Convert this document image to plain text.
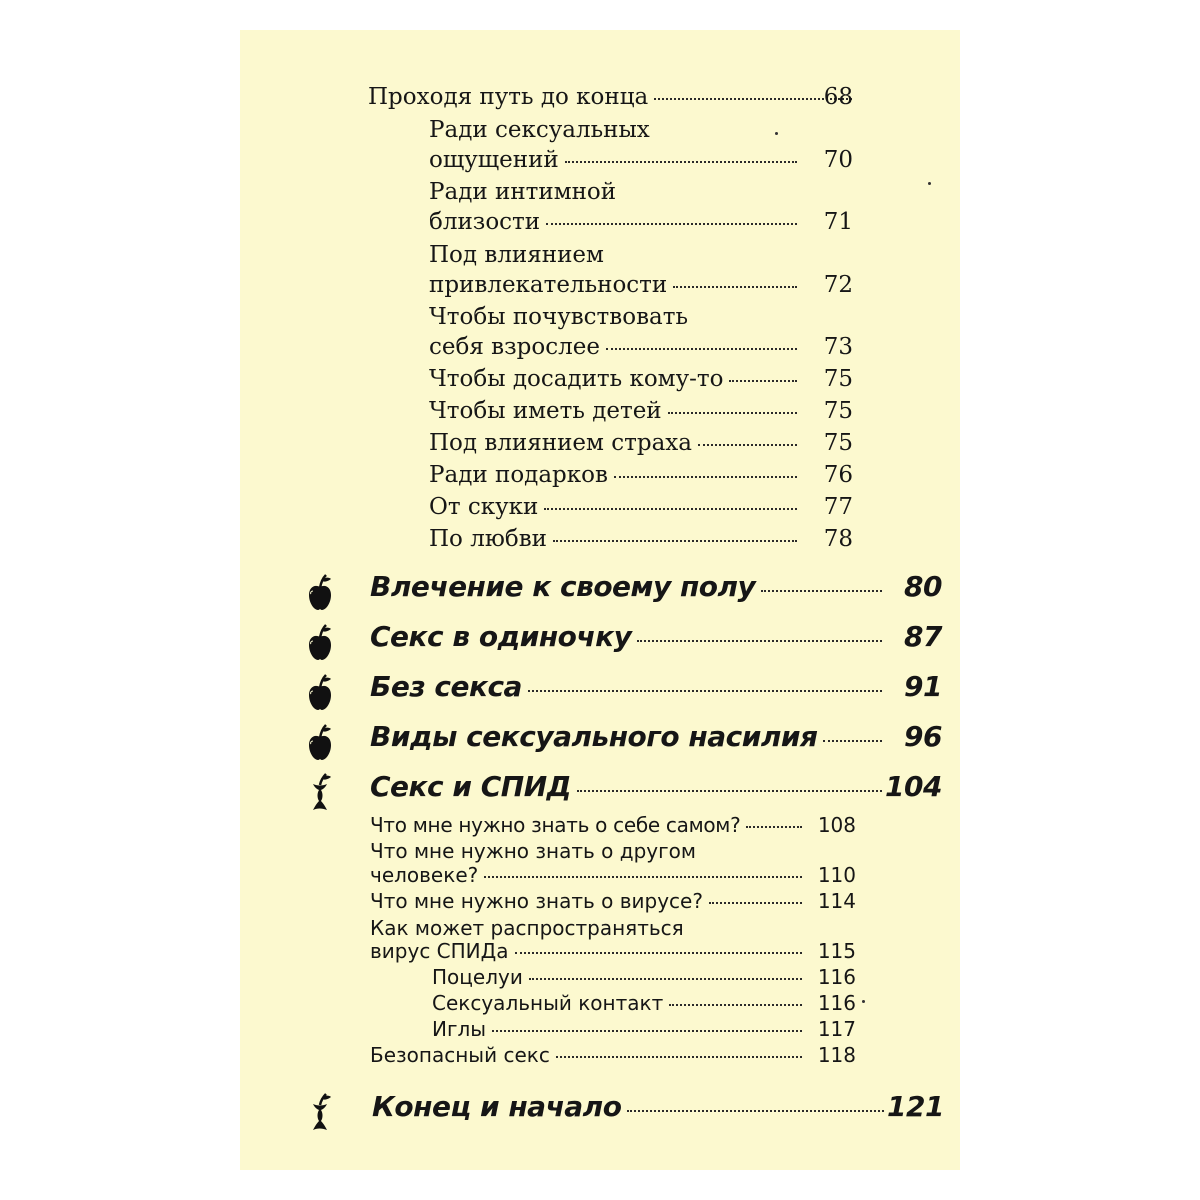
Проходя путь до конца	68
Ради сексуальных
ощущений	70
Ради интимной
близости	71
Под влиянием
привлекательности	72
Чтобы почувствовать
себя взрослее	73
Чтобы досадить кому-то	75
Чтобы иметь детей	75
Под влиянием страха	75
Ради подарков	76
От скуки	77
По любви	78
Влечение к своему полу	80
Секс в одиночку	87
Без секса	91
Виды сексуального насилия	96
Секс и СПИД	104
Что мне нужно знать о себе самом?	108
Что мне нужно знать о другом
человеке?	110
Что мне нужно знать о вирусе?	114
Как может распространяться
вирус СПИДа	115
Поцелуи	116
Сексуальный контакт	116
Иглы	117
Безопасный секс	118
Конец и начало	121
